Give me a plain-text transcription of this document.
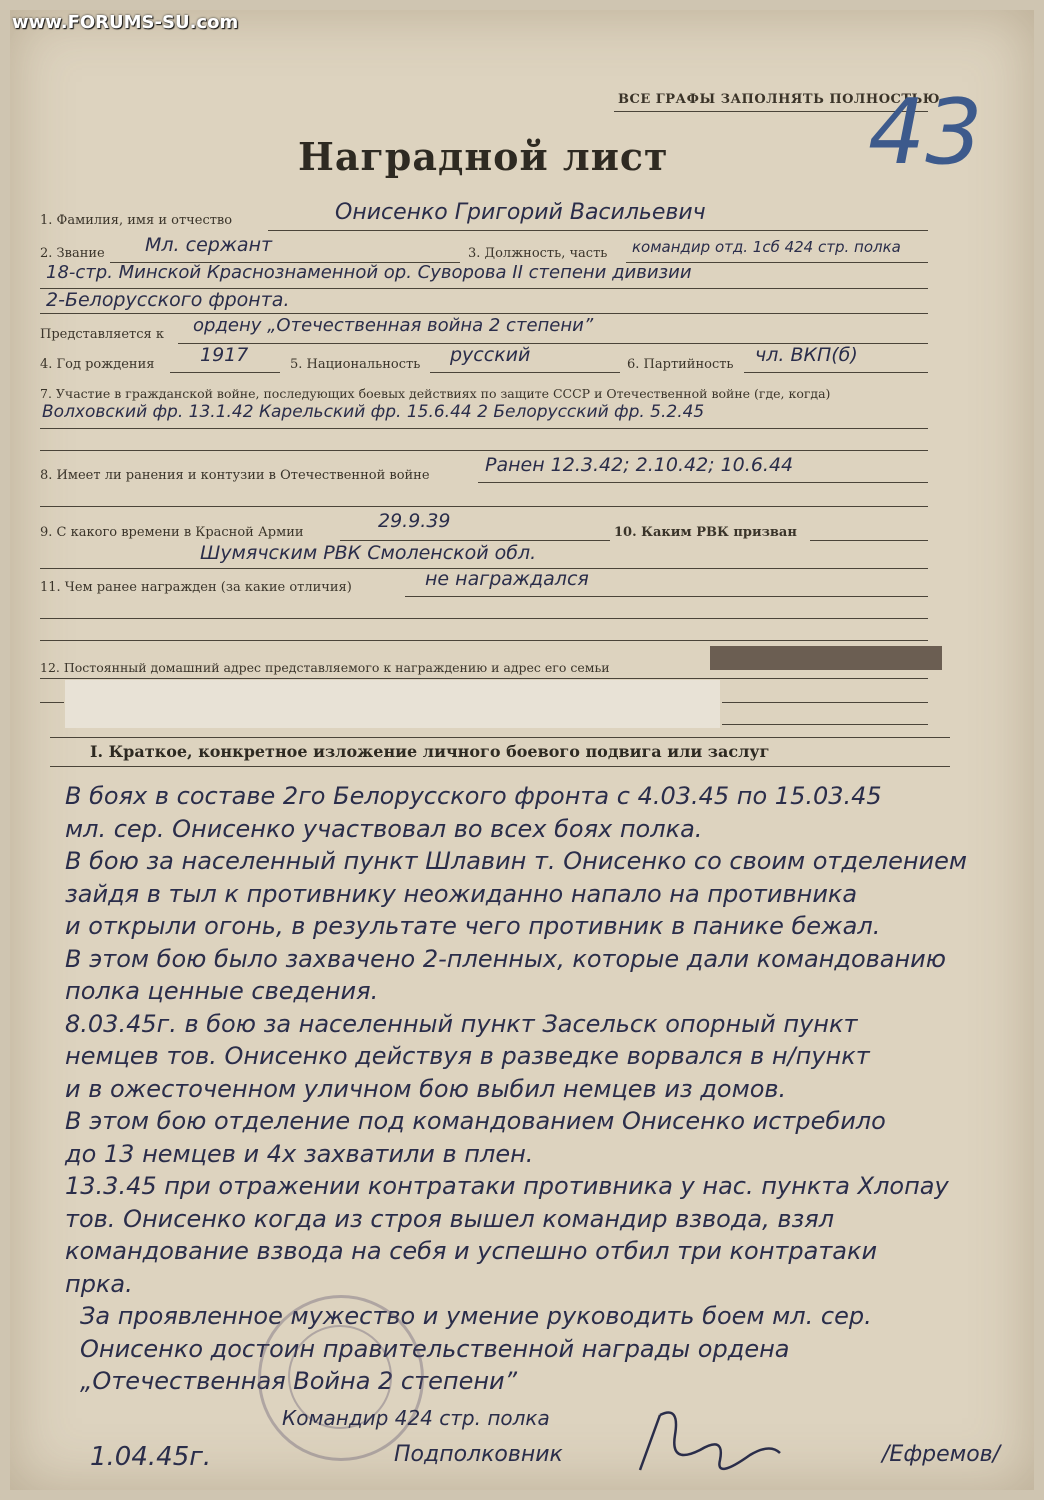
ВСЕ ГРАФЫ ЗАПОЛНЯТЬ ПОЛНОСТЬЮ
43
Наградной лист
1. Фамилия, имя и отчество	Онисенко Григорий Васильевич
2. Звание Мл. сержант	3. Должность, часть командир отд. 1сб 424 стр. полка
18-стр. Минской Краснознаменной ор. Суворова II степени дивизии
2-Белорусского фронта.
Представляется к ордену „Отечественная война 2 степени”
4. Год рождения 1917	5. Национальность русский	6. Партийность чл. ВКП(б)
7. Участие в гражданской войне, последующих боевых действиях по защите СССР и Отечественной войне (где, когда)
Волховский фр. 13.1.42 Карельский фр. 15.6.44 2 Белорусский фр. 5.2.45
8. Имеет ли ранения и контузии в Отечественной войне	Ранен 12.3.42; 2.10.42; 10.6.44
9. С какого времени в Красной Армии
29.9.39
10. Каким РВК призван
Шумячским РВК Смоленской обл.
11. Чем ранее награжден (за какие отличия)	не награждался
12. Постоянный домашний адрес представляемого к награждению и адрес его семьи
I. Краткое, конкретное изложение личного боевого подвига или заслуг
В боях в составе 2го Белорусского фронта с 4.03.45 по 15.03.45
мл. сер. Онисенко участвовал во всех боях полка.
В бою за населенный пункт Шлавин т. Онисенко со своим отделением
зайдя в тыл к противнику неожиданно напало на противника
и открыли огонь, в результате чего противник в панике бежал.
В этом бою было захвачено 2-пленных, которые дали командованию
полка ценные сведения.
8.03.45г. в бою за населенный пункт Засельск опорный пункт
немцев тов. Онисенко действуя в разведке ворвался в н/пункт
и в ожесточенном уличном бою выбил немцев из домов.
В этом бою отделение под командованием Онисенко истребило
до 13 немцев и 4х захватили в плен.
13.3.45 при отражении контратаки противника у нас. пункта Хлопау
тов. Онисенко когда из строя вышел командир взвода, взял
командование взвода на себя и успешно отбил три контратаки
прка.
За проявленное мужество и умение руководить боем мл. сер.
Онисенко достоин правительственной награды ордена
„Отечественная Война 2 степени”
Командир 424 стр. полка
Подполковник
1.04.45г.	/Ефремов/
www.FORUMS-SU.com
